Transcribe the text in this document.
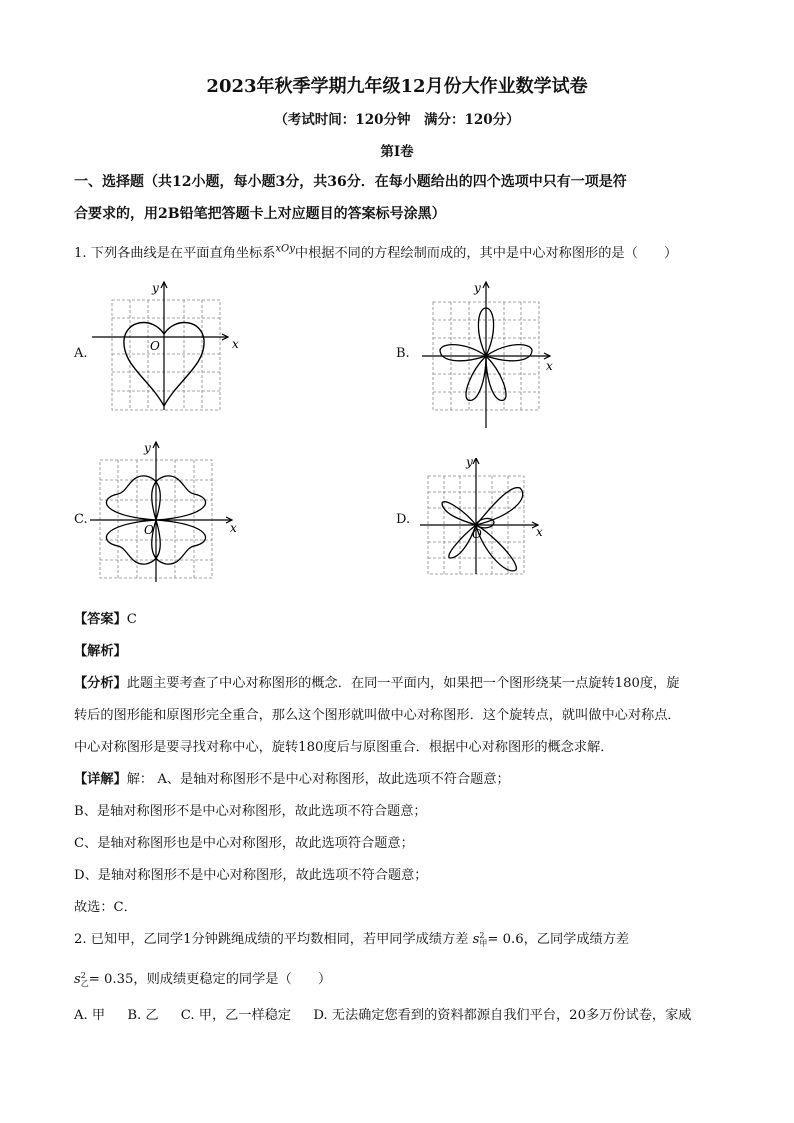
2023年秋季学期九年级12月份大作业数学试卷
（考试时间：120分钟　满分：120分）
第Ⅰ卷
一、选择题（共12小题，每小题3分，共36分．在每小题给出的四个选项中只有一项是符
合要求的，用2B铅笔把答题卡上对应题目的答案标号涂黑）
1. 下列各曲线是在平面直角坐标系$^{xOy}$中根据不同的方程绘制而成的，其中是中心对称图形的是（　　）
A.	B.
C.	D.
x
y
O
x
y
x
y
O	x
y
O
【答案】C
【解析】
【分析】此题主要考查了中心对称图形的概念．在同一平面内，如果把一个图形绕某一点旋转180度，旋
转后的图形能和原图形完全重合，那么这个图形就叫做中心对称图形．这个旋转点，就叫做中心对称点．
中心对称图形是要寻找对称中心，旋转180度后与原图重合．根据中心对称图形的概念求解．
【详解】解： A、是轴对称图形不是中心对称图形，故此选项不符合题意；
B、是轴对称图形不是中心对称图形，故此选项不符合题意；
C、是轴对称图形也是中心对称图形，故此选项符合题意；
D、是轴对称图形不是中心对称图形，故此选项不符合题意；
故选：C．
2. 已知甲，乙同学1分钟跳绳成绩的平均数相同，若甲同学成绩方差 s 2
甲 = 0.6，乙同学成绩方差
s 2
乙 = 0.35，则成绩更稳定的同学是（　　）
A. 甲 B. 乙 C. 甲，乙一样稳定 D. 无法确定您看到的资料都源自我们平台，20多万份试卷，家威
